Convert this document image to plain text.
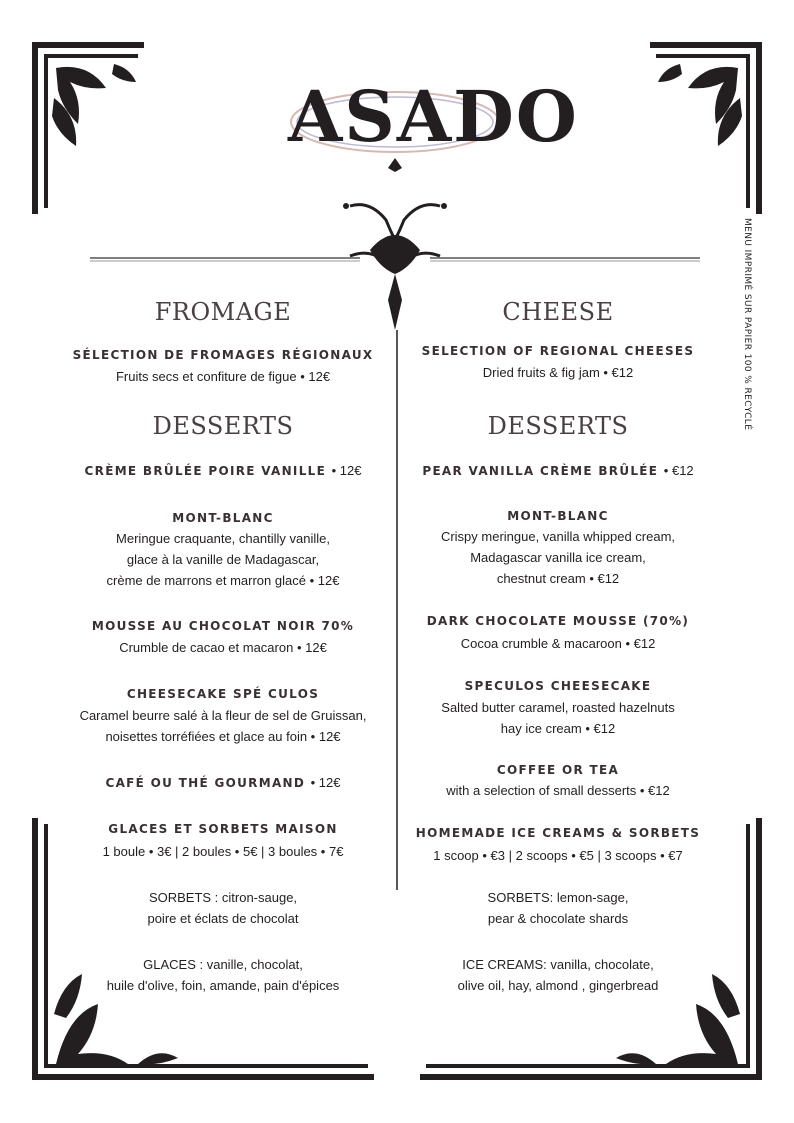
ASADO
MENU IMPRIMÉ SUR PAPIER 100 % RECYCLÉ
FROMAGE
SÉLECTION DE FROMAGES RÉGIONAUX
Fruits secs et confiture de figue • 12€
DESSERTS
CRÈME BRÛLÉE POIRE VANILLE • 12€
MONT-BLANC
Meringue craquante, chantilly vanille,
glace à la vanille de Madagascar,
crème de marrons et marron glacé • 12€
MOUSSE AU CHOCOLAT NOIR 70%
Crumble de cacao et macaron • 12€
CHEESECAKE SPÉ CULOS
Caramel beurre salé à la fleur de sel de Gruissan,
noisettes torréfiées et glace au foin • 12€
CAFÉ OU THÉ GOURMAND • 12€
GLACES ET SORBETS MAISON
1 boule • 3€ | 2 boules • 5€ | 3 boules • 7€
SORBETS : citron-sauge,
poire et éclats de chocolat
GLACES : vanille, chocolat,
huile d'olive, foin, amande, pain d'épices
CHEESE
SELECTION OF REGIONAL CHEESES
Dried fruits & fig jam • €12
DESSERTS
PEAR VANILLA CRÈME BRÛLÉE • €12
MONT-BLANC
Crispy meringue, vanilla whipped cream,
Madagascar vanilla ice cream,
chestnut cream • €12
DARK CHOCOLATE MOUSSE (70%)
Cocoa crumble & macaroon • €12
SPECULOS CHEESECAKE
Salted butter caramel, roasted hazelnuts
hay ice cream • €12
COFFEE OR TEA
with a selection of small desserts • €12
HOMEMADE ICE CREAMS & SORBETS
1 scoop • €3 | 2 scoops • €5 | 3 scoops • €7
SORBETS: lemon-sage,
pear & chocolate shards
ICE CREAMS: vanilla, chocolate,
olive oil, hay, almond , gingerbread
